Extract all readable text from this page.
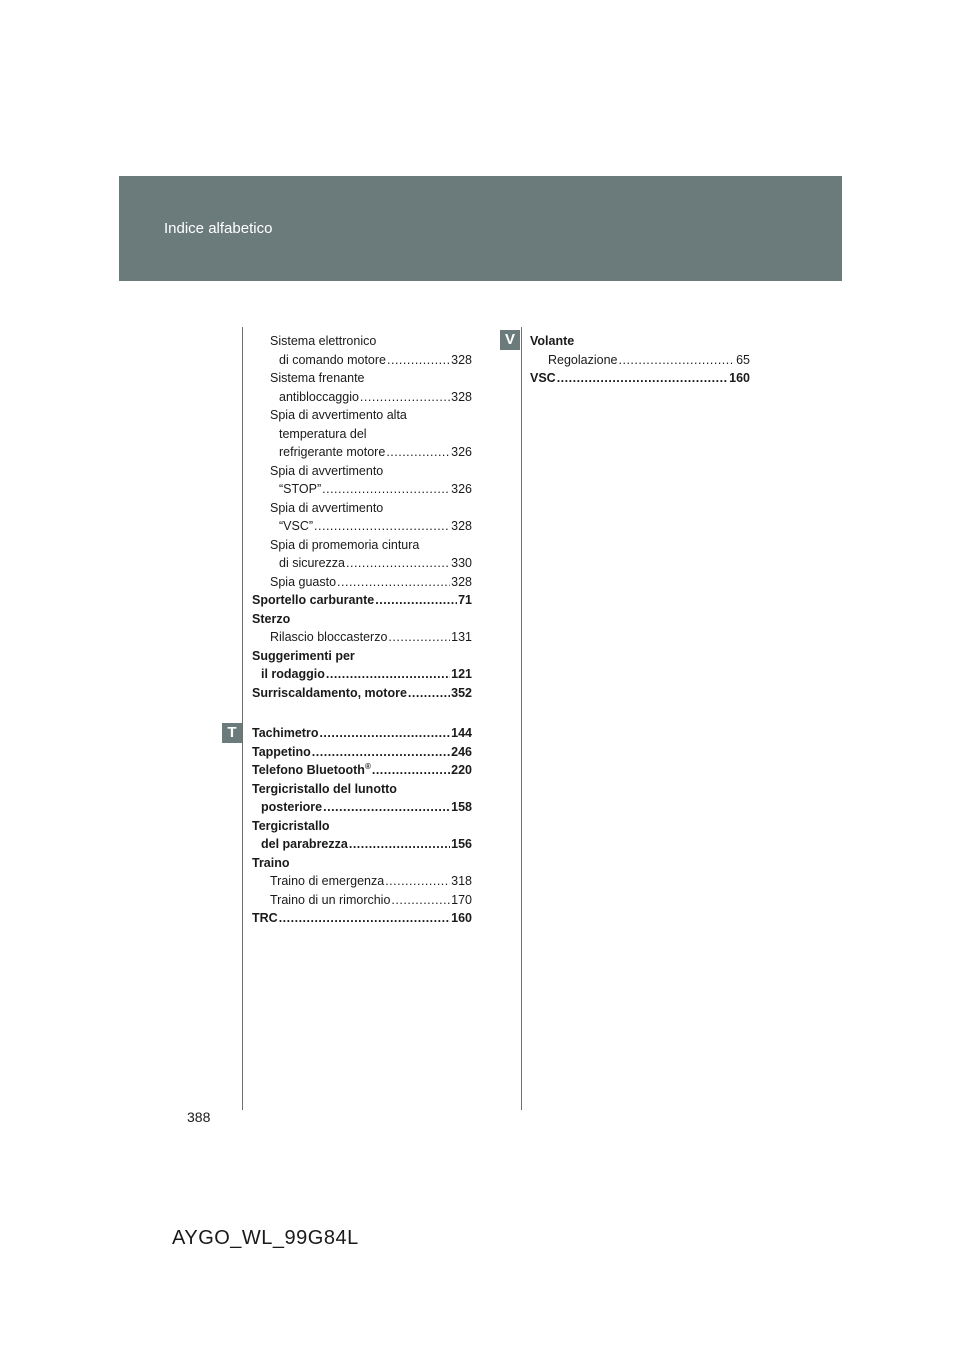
Indice alfabetico
T
V
Sistema elettronico
di comando motore .....	328
Sistema frenante
antibloccaggio .....	328
Spia di avvertimento alta
temperatura del
refrigerante motore .....	326
Spia di avvertimento
“STOP” .....	326
Spia di avvertimento
“VSC” .....	328
Spia di promemoria cintura
di sicurezza .....	330
Spia guasto .....	328
Sportello carburante .....	71
Sterzo
Rilascio bloccasterzo .....	131
Suggerimenti per
il rodaggio .....	121
Surriscaldamento, motore .....	352
Tachimetro .....	144
Tappetino .....	246
Telefono Bluetooth® .....	220
Tergicristallo del lunotto
posteriore .....	158
Tergicristallo
del parabrezza .....	156
Traino
Traino di emergenza .....	318
Traino di un rimorchio .....	170
TRC .....	160
Volante
Regolazione .....	65
VSC .....	160
388
AYGO_WL_99G84L
